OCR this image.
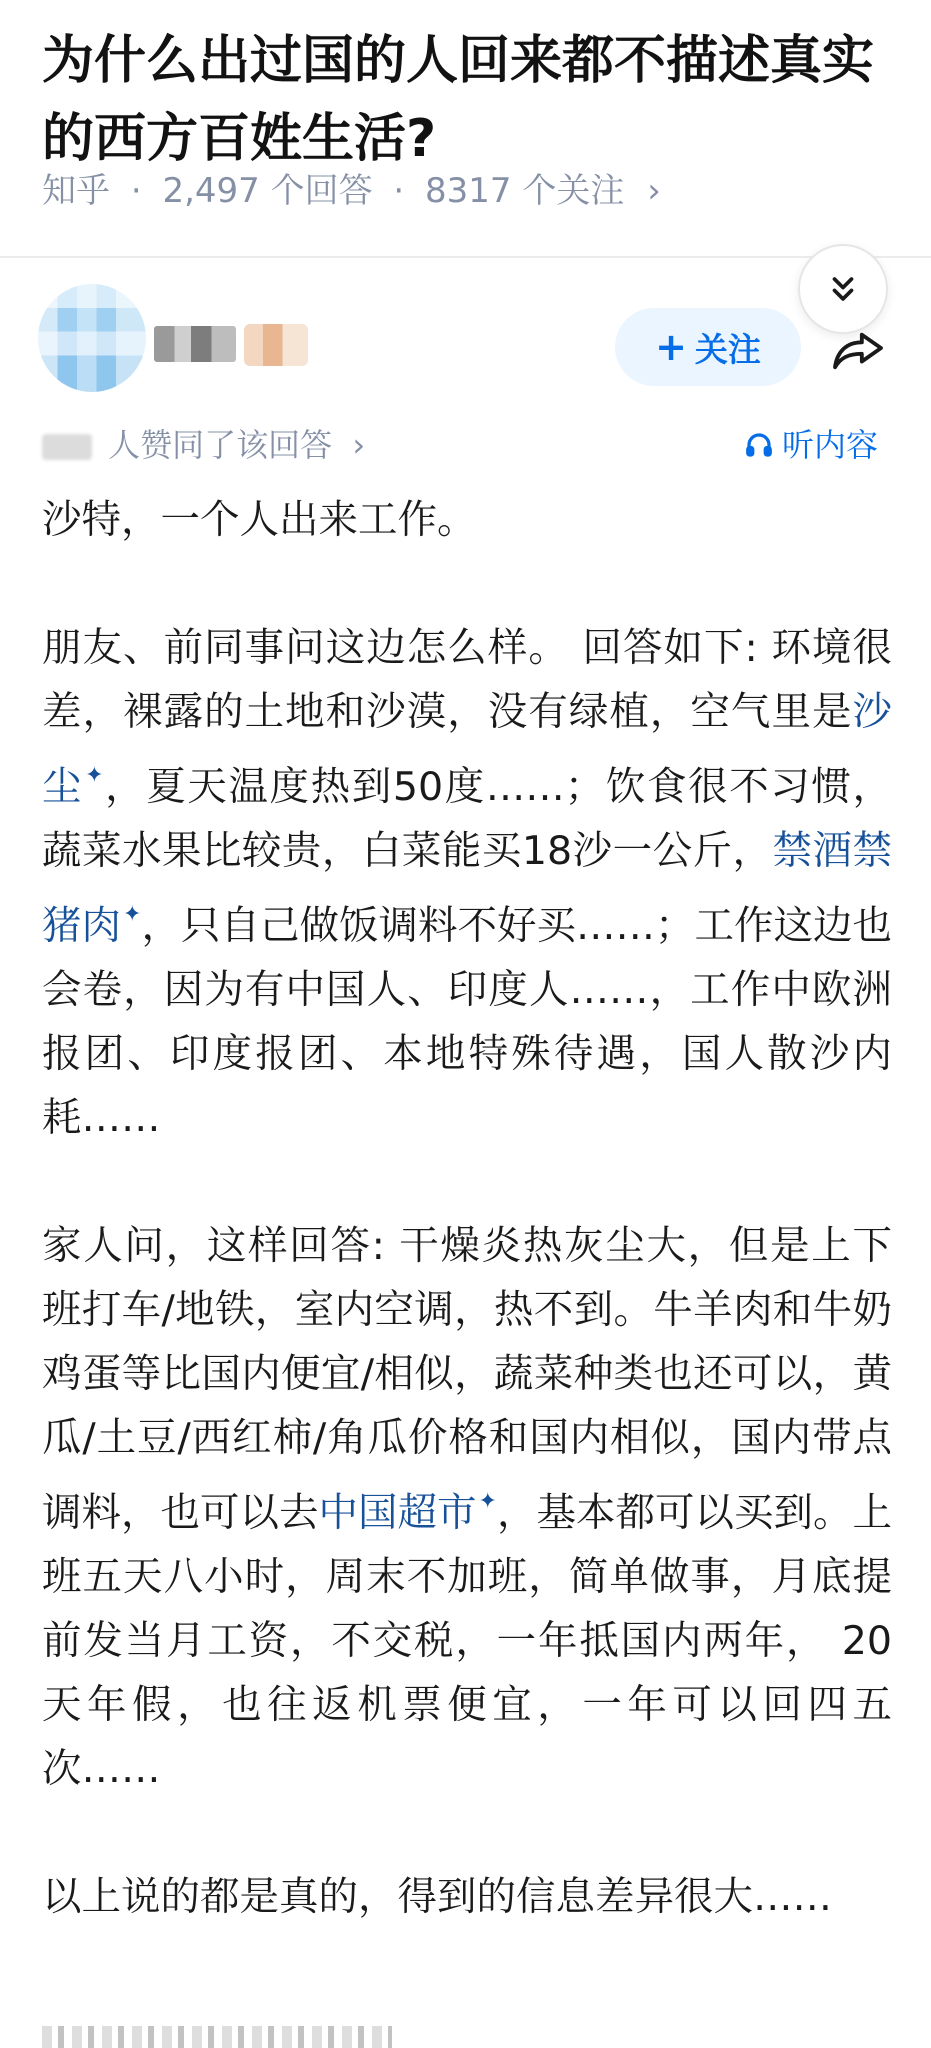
为什么出过国的人回来都不描述真实的西方百姓生活?
知乎 · 2,497 个回答 · 8317 个关注 ›
+ 关注
人赞同了该回答 ›	听内容

沙特，一个人出来工作。

朋友、前同事问这边怎么样。 回答如下: 环境很差，裸露的土地和沙漠，没有绿植，空气里是沙尘✦，夏天温度热到50度……；饮食很不习惯，蔬菜水果比较贵，白菜能买18沙一公斤，禁酒禁猪肉✦，只自己做饭调料不好买……；工作这边也会卷，因为有中国人、印度人……，工作中欧洲报团、印度报团、本地特殊待遇，国人散沙内耗……

家人问，这样回答: 干燥炎热灰尘大，但是上下班打车/地铁，室内空调，热不到。牛羊肉和牛奶鸡蛋等比国内便宜/相似，蔬菜种类也还可以，黄瓜/土豆/西红柿/角瓜价格和国内相似，国内带点调料，也可以去中国超市✦，基本都可以买到。上班五天八小时，周末不加班，简单做事，月底提前发当月工资，不交税，一年抵国内两年， 20天年假，也往返机票便宜，一年可以回四五次……

以上说的都是真的，得到的信息差异很大……
